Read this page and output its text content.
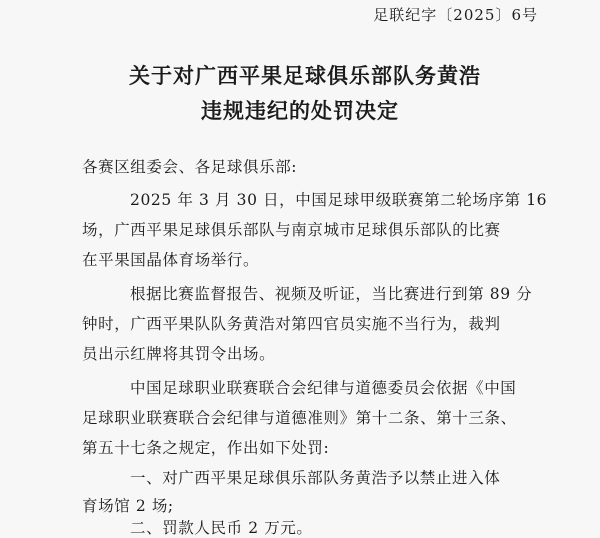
足联纪字〔2025〕6号
关于对广西平果足球俱乐部队务黄浩
违规违纪的处罚决定
各赛区组委会、各足球俱乐部:
2025 年 3 月 30 日，中国足球甲级联赛第二轮场序第 16
场，广西平果足球俱乐部队与南京城市足球俱乐部队的比赛
在平果国晶体育场举行。
根据比赛监督报告、视频及听证，当比赛进行到第 89 分
钟时，广西平果队队务黄浩对第四官员实施不当行为，裁判
员出示红牌将其罚令出场。
中国足球职业联赛联合会纪律与道德委员会依据《中国
足球职业联赛联合会纪律与道德准则》第十二条、第十三条、
第五十七条之规定，作出如下处罚:
一、对广西平果足球俱乐部队务黄浩予以禁止进入体
育场馆 2 场;
二、罚款人民币 2 万元。
